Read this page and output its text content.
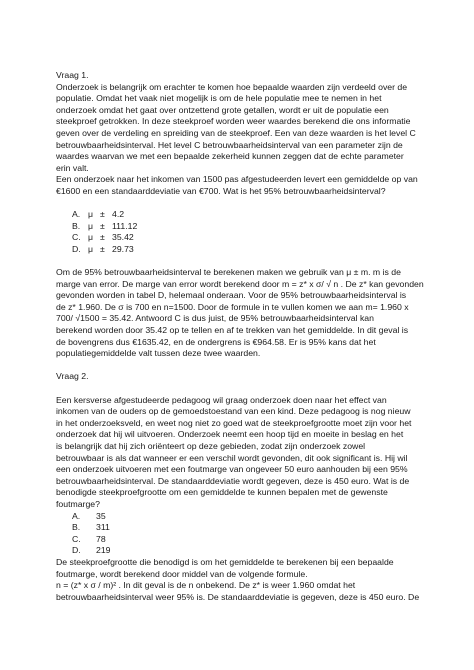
Vraag 1.
Onderzoek is belangrijk om erachter te komen hoe bepaalde waarden zijn verdeeld over de
populatie. Omdat het vaak niet mogelijk is om de hele populatie mee te nemen in het
onderzoek omdat het gaat over ontzettend grote getallen, wordt er uit de populatie een
steekproef getrokken. In deze steekproef worden weer waardes berekend die ons informatie
geven over de verdeling en spreiding van de steekproef. Een van deze waarden is het level C
betrouwbaarheidsinterval. Het level C betrouwbaarheidsinterval van een parameter zijn de
waardes waarvan we met een bepaalde zekerheid kunnen zeggen dat de echte parameter
erin valt.
Een onderzoek naar het inkomen van 1500 pas afgestudeerden levert een gemiddelde op van
€1600 en een standaarddeviatie van €700. Wat is het 95% betrouwbaarheidsinterval?
A. μ ± 4.2
B. μ ± 111.12
C. μ ± 35.42
D. μ ± 29.73
Om de 95% betrouwbaarheidsinterval te berekenen maken we gebruik van μ ± m. m is de
marge van error. De marge van error wordt berekend door m = z* x σ/ √ n . De z* kan gevonden
gevonden worden in tabel D, helemaal onderaan. Voor de 95% betrouwbaarheidsinterval is
de z* 1.960. De σ is 700 en n=1500. Door de formule in te vullen komen we aan m= 1.960 x
700/ √1500 = 35.42. Antwoord C is dus juist, de 95% betrouwbaarheidsinterval kan
berekend worden door 35.42 op te tellen en af te trekken van het gemiddelde. In dit geval is
de bovengrens dus €1635.42, en de ondergrens is €964.58. Er is 95% kans dat het
populatiegemiddelde valt tussen deze twee waarden.
Vraag 2.
Een kersverse afgestudeerde pedagoog wil graag onderzoek doen naar het effect van
inkomen van de ouders op de gemoedstoestand van een kind. Deze pedagoog is nog nieuw
in het onderzoeksveld, en weet nog niet zo goed wat de steekproefgrootte moet zijn voor het
onderzoek dat hij wil uitvoeren. Onderzoek neemt een hoop tijd en moeite in beslag en het
is belangrijk dat hij zich oriënteert op deze gebieden, zodat zijn onderzoek zowel
betrouwbaar is als dat wanneer er een verschil wordt gevonden, dit ook significant is. Hij wil
een onderzoek uitvoeren met een foutmarge van ongeveer 50 euro aanhouden bij een 95%
betrouwbaarheidsinterval. De standaarddeviatie wordt gegeven, deze is 450 euro. Wat is de
benodigde steekproefgrootte om een gemiddelde te kunnen bepalen met de gewenste
foutmarge?
A.	35
B.	311
C.	78
D.	219
De steekproefgrootte die benodigd is om het gemiddelde te berekenen bij een bepaalde
foutmarge, wordt berekend door middel van de volgende formule.
n = (z* x σ / m)² . In dit geval is de n onbekend. De z* is weer 1.960 omdat het
betrouwbaarheidsinterval weer 95% is. De standaarddeviatie is gegeven, deze is 450 euro. De
